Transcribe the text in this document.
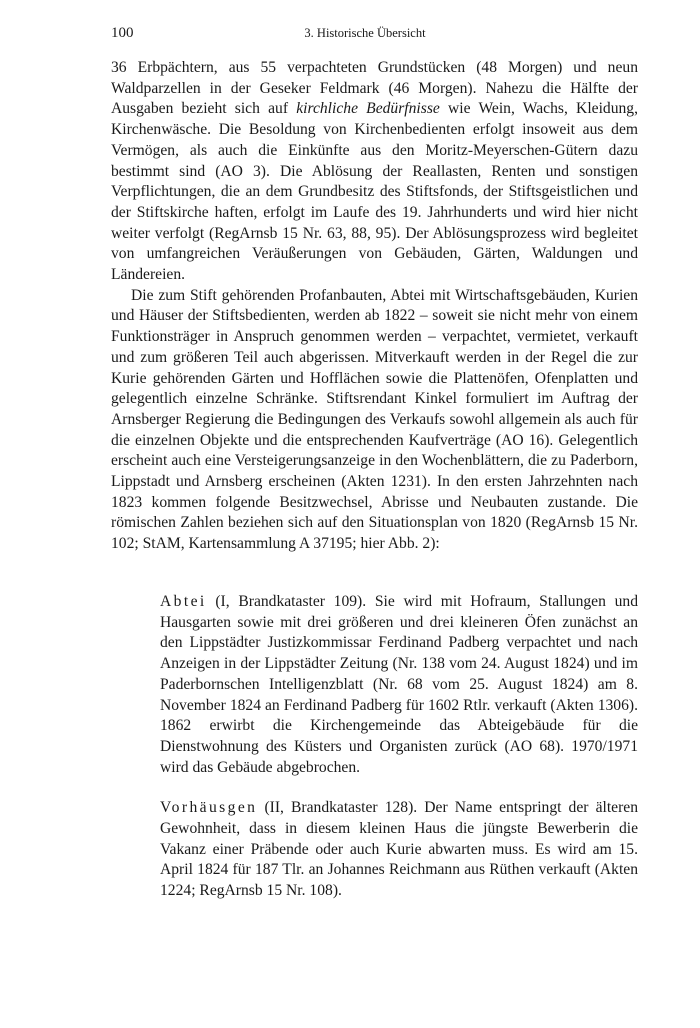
100	3. Historische Übersicht

36 Erbpächtern, aus 55 verpachteten Grundstücken (48 Morgen) und neun Waldparzellen in der Geseker Feldmark (46 Morgen). Nahezu die Hälfte der Ausgaben bezieht sich auf kirchliche Bedürfnisse wie Wein, Wachs, Kleidung, Kirchenwäsche. Die Besoldung von Kirchenbedienten erfolgt insoweit aus dem Vermögen, als auch die Einkünfte aus den Moritz-Meyerschen-Gütern dazu bestimmt sind (AO 3). Die Ablösung der Reallasten, Renten und sonstigen Verpflichtungen, die an dem Grundbesitz des Stiftsfonds, der Stiftsgeistlichen und der Stiftskirche haften, erfolgt im Laufe des 19. Jahrhunderts und wird hier nicht weiter verfolgt (RegArnsb 15 Nr. 63, 88, 95). Der Ablösungsprozess wird begleitet von umfangreichen Veräußerungen von Gebäuden, Gärten, Waldungen und Ländereien.

Die zum Stift gehörenden Profanbauten, Abtei mit Wirtschaftsgebäuden, Kurien und Häuser der Stiftsbedienten, werden ab 1822 – soweit sie nicht mehr von einem Funktionsträger in Anspruch genommen werden – verpachtet, vermietet, verkauft und zum größeren Teil auch abgerissen. Mitverkauft werden in der Regel die zur Kurie gehörenden Gärten und Hofflächen sowie die Plattenöfen, Ofenplatten und gelegentlich einzelne Schränke. Stiftsrendant Kinkel formuliert im Auftrag der Arnsberger Regierung die Bedingungen des Verkaufs sowohl allgemein als auch für die einzelnen Objekte und die entsprechenden Kaufverträge (AO 16). Gelegentlich erscheint auch eine Versteigerungsanzeige in den Wochenblättern, die zu Paderborn, Lippstadt und Arnsberg erscheinen (Akten 1231). In den ersten Jahrzehnten nach 1823 kommen folgende Besitzwechsel, Abrisse und Neubauten zustande. Die römischen Zahlen beziehen sich auf den Situationsplan von 1820 (RegArnsb 15 Nr. 102; StAM, Kartensammlung A 37195; hier Abb. 2):

Abtei (I, Brandkataster 109). Sie wird mit Hofraum, Stallungen und Hausgarten sowie mit drei größeren und drei kleineren Öfen zunächst an den Lippstädter Justizkommissar Ferdinand Padberg verpachtet und nach Anzeigen in der Lippstädter Zeitung (Nr. 138 vom 24. August 1824) und im Paderbornschen Intelligenzblatt (Nr. 68 vom 25. August 1824) am 8. November 1824 an Ferdinand Padberg für 1602 Rtlr. verkauft (Akten 1306). 1862 erwirbt die Kirchengemeinde das Abteigebäude für die Dienstwohnung des Küsters und Organisten zurück (AO 68). 1970/1971 wird das Gebäude abgebrochen.

Vorhäusgen (II, Brandkataster 128). Der Name entspringt der älteren Gewohnheit, dass in diesem kleinen Haus die jüngste Bewerberin die Vakanz einer Präbende oder auch Kurie abwarten muss. Es wird am 15. April 1824 für 187 Tlr. an Johannes Reichmann aus Rüthen verkauft (Akten 1224; RegArnsb 15 Nr. 108).
